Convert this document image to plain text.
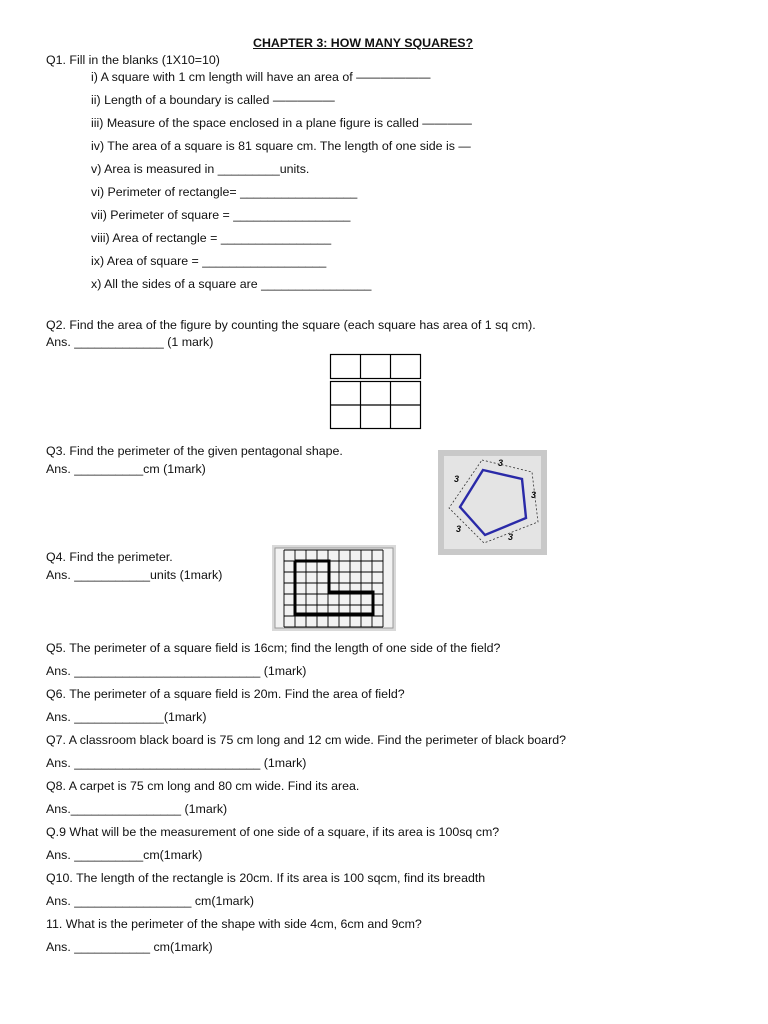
CHAPTER 3: HOW MANY SQUARES?
Q1. Fill in the blanks (1X10=10)
i) A square with 1 cm length will have an area of ——————
ii) Length of a boundary is called —————
iii) Measure of the space enclosed in a plane figure is called ————
iv) The area of a square is 81 square cm. The length of one side is —
v) Area is measured in _________units.
vi) Perimeter of rectangle= _________________
vii) Perimeter of square = _________________
viii) Area of rectangle = ________________
ix) Area of square = __________________
x) All the sides of a square are ________________
Q2. Find the area of the figure by counting the square (each square has area of 1 sq cm).
Ans. _____________ (1 mark)
Q3. Find the perimeter of the given pentagonal shape.
Ans. __________cm (1mark)	3
3
3
3
3
Q4. Find the perimeter.
Ans. ___________units (1mark)
Q5. The perimeter of a square field is 16cm; find the length of one side of the field?
Ans. ___________________________ (1mark)
Q6. The perimeter of a square field is 20m. Find the area of field?
Ans. _____________(1mark)
Q7. A classroom black board is 75 cm long and 12 cm wide. Find the perimeter of black board?
Ans. ___________________________ (1mark)
Q8. A carpet is 75 cm long and 80 cm wide. Find its area.
Ans.________________ (1mark)
Q.9 What will be the measurement of one side of a square, if its area is 100sq cm?
Ans. __________cm(1mark)
Q10. The length of the rectangle is 20cm. If its area is 100 sqcm, find its breadth
Ans. _________________ cm(1mark)
11. What is the perimeter of the shape with side 4cm, 6cm and 9cm?
Ans. ___________ cm(1mark)
